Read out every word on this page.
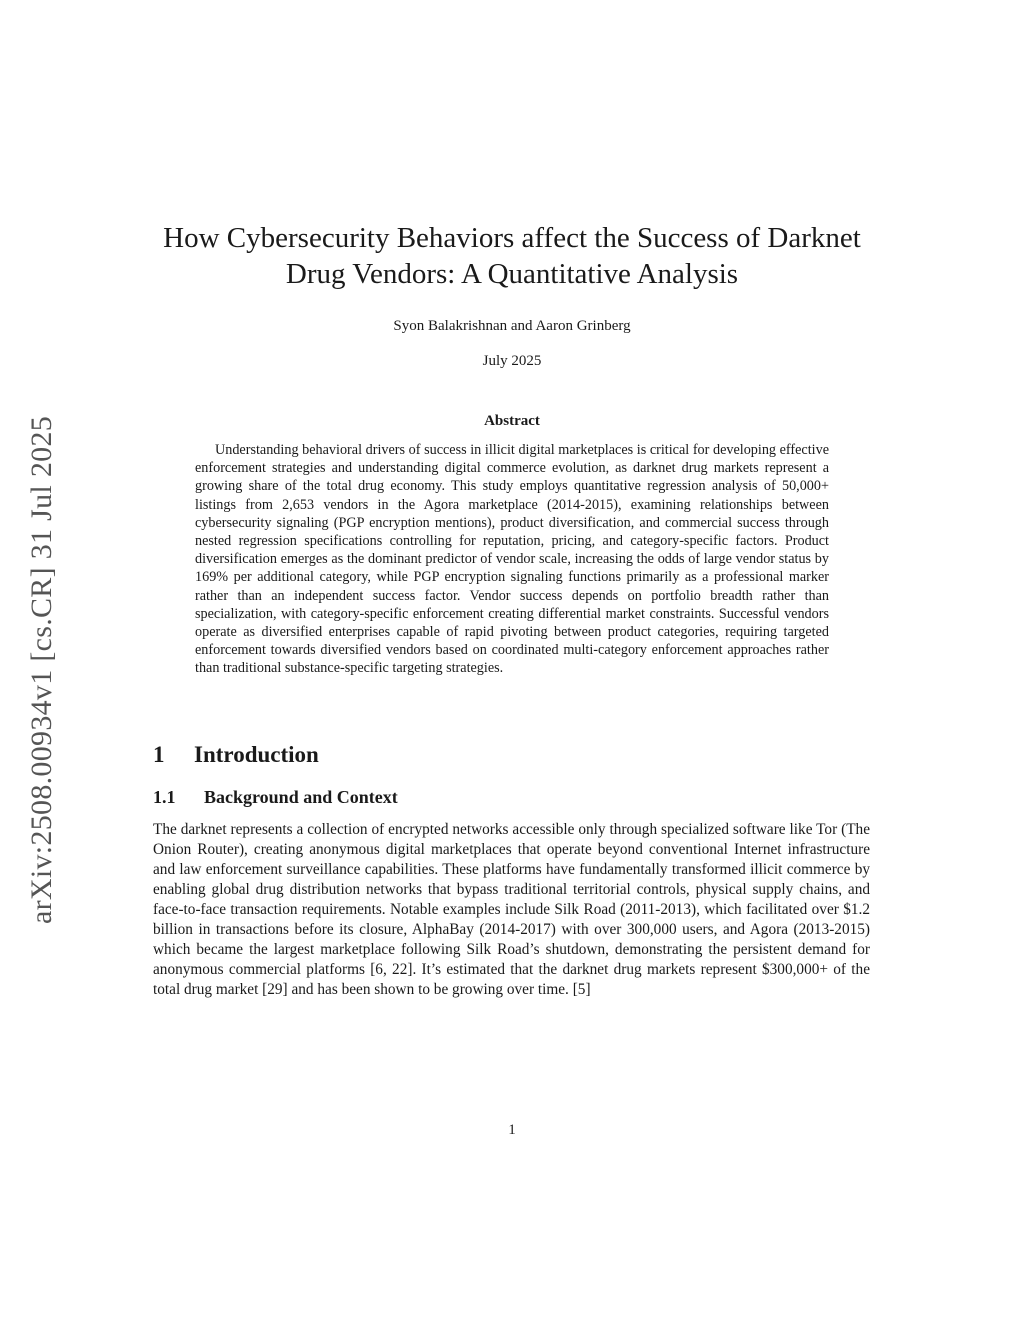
arXiv:2508.00934v1 [cs.CR] 31 Jul 2025
How Cybersecurity Behaviors affect the Success of Darknet
Drug Vendors: A Quantitative Analysis
Syon Balakrishnan and Aaron Grinberg
July 2025
Abstract

Understanding behavioral drivers of success in illicit digital marketplaces is critical for developing effective enforcement strategies and understanding digital commerce evolution, as darknet drug markets represent a growing share of the total drug economy. This study employs quantitative regression analysis of 50,000+ listings from 2,653 vendors in the Agora marketplace (2014-2015), examining relationships between cybersecurity signaling (PGP encryption mentions), product diversification, and commercial success through nested regression specifications controlling for reputation, pricing, and category-specific factors. Product diversification emerges as the dominant predictor of vendor scale, increasing the odds of large vendor status by 169% per additional category, while PGP encryption signaling functions primarily as a professional marker rather than an independent success factor. Vendor success depends on portfolio breadth rather than specialization, with category-specific enforcement creating differential market constraints. Successful vendors operate as diversified enterprises capable of rapid pivoting between product categories, requiring targeted enforcement towards diversified vendors based on coordinated multi-category enforcement approaches rather than traditional substance-specific targeting strategies.

1 Introduction
1.1 Background and Context

The darknet represents a collection of encrypted networks accessible only through specialized software like Tor (The Onion Router), creating anonymous digital marketplaces that operate beyond conventional Internet infrastructure and law enforcement surveillance capabilities. These platforms have fundamentally transformed illicit commerce by enabling global drug distribution networks that bypass traditional territorial controls, physical supply chains, and face-to-face transaction requirements. Notable examples include Silk Road (2011-2013), which facilitated over $1.2 billion in transactions before its closure, AlphaBay (2014-2017) with over 300,000 users, and Agora (2013-2015) which became the largest marketplace following Silk Road’s shutdown, demonstrating the persistent demand for anonymous commercial platforms [6, 22]. It’s estimated that the darknet drug markets represent $300,000+ of the total drug market [29] and has been shown to be growing over time. [5]

1
